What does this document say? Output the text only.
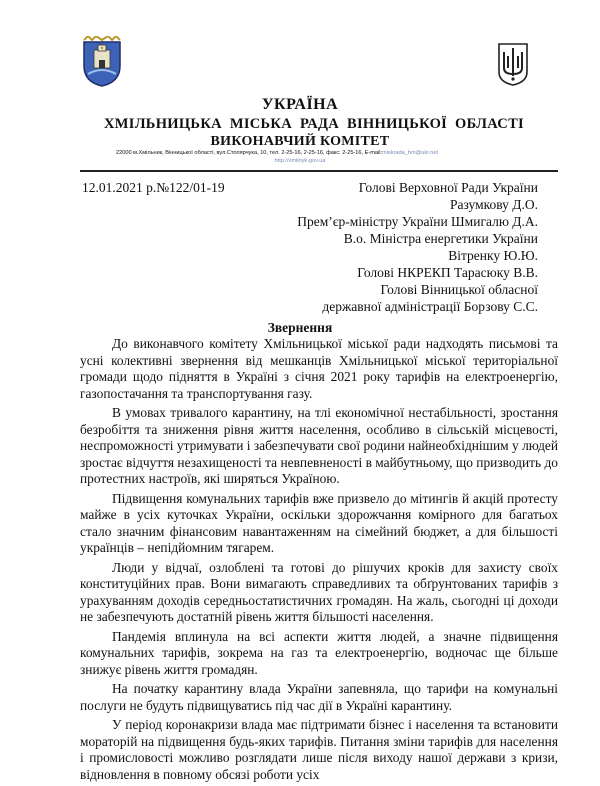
УКРАЇНА
ХМІЛЬНИЦЬКА МІСЬКА РАДА ВІННИЦЬКОЇ ОБЛАСТІ
ВИКОНАВЧИЙ КОМІТЕТ
22000 м.Хмільник, Вінницької області, вул.Столярчука, 10, тел. 2-25-16, 2-25-16, факс: 2-25-16, E-mail:miskrada_hm@ukr.net
http://xmilnyk-gov.ua
12.01.2021 р.№122/01-19	Голові Верховної Ради України
Разумкову Д.О.
Прем’єр-міністру України Шмигалю Д.А.
В.о. Міністра енергетики України
Вітренку Ю.Ю.
Голові НКРЕКП Тарасюку В.В.
Голові Вінницької обласної
державної адміністрації Борзову С.С.
Звернення

До виконавчого комітету Хмільницької міської ради надходять письмові та усні колективні звернення від мешканців Хмільницької міської територіальної громади щодо підняття в Україні з січня 2021 року тарифів на електроенергію, газопостачання та транспортування газу.

В умовах тривалого карантину, на тлі економічної нестабільності, зростання безробіття та зниження рівня життя населення, особливо в сільській місцевості, неспроможності утримувати і забезпечувати свої родини найнеобхіднішим у людей зростає відчуття незахищеності та невпевненості в майбутньому, що призводить до протестних настроїв, які ширяться Україною.

Підвищення комунальних тарифів вже призвело до мітингів й акцій протесту майже в усіх куточках України, оскільки здорожчання комірного для багатьох стало значним фінансовим навантаженням на сімейний бюджет, а для більшості українців – непідйомним тягарем.

Люди у відчаї, озлоблені та готові до рішучих кроків для захисту своїх конституційних прав. Вони вимагають справедливих та обґрунтованих тарифів з урахуванням доходів середньостатистичних громадян. На жаль, сьогодні ці доходи не забезпечують достатній рівень життя більшості населення.

Пандемія вплинула на всі аспекти життя людей, а значне підвищення комунальних тарифів, зокрема на газ та електроенергію, водночас ще більше знижує рівень життя громадян.

На початку карантину влада України запевняла, що тарифи на комунальні послуги не будуть підвищуватись під час дії в Україні карантину.

У період коронакризи влада має підтримати бізнес і населення та встановити мораторій на підвищення будь-яких тарифів. Питання зміни тарифів для населення і промисловості можливо розглядати лише після виходу нашої держави з кризи, відновлення в повному обсязі роботи усіх
